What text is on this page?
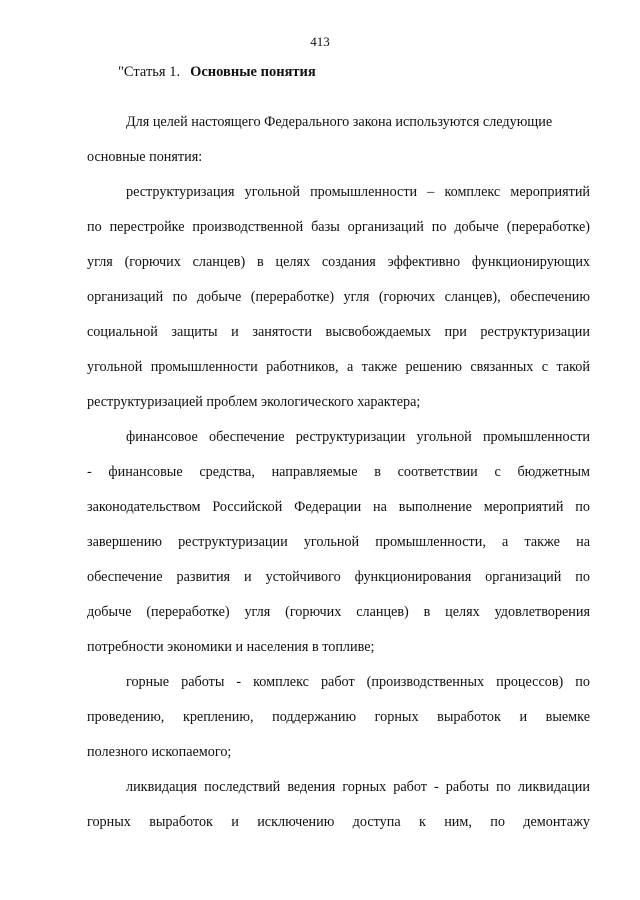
413
"Статья 1. Основные понятия
Для целей настоящего Федерального закона используются следующие
основные понятия:
реструктуризация угольной промышленности – комплекс мероприятий
по перестройке производственной базы организаций по добыче (переработке)
угля (горючих сланцев) в целях создания эффективно функционирующих
организаций по добыче (переработке) угля (горючих сланцев), обеспечению
социальной защиты и занятости высвобождаемых при реструктуризации
угольной промышленности работников, а также решению связанных с такой
реструктуризацией проблем экологического характера;
финансовое обеспечение реструктуризации угольной промышленности
- финансовые средства, направляемые в соответствии с бюджетным
законодательством Российской Федерации на выполнение мероприятий по
завершению реструктуризации угольной промышленности, а также на
обеспечение развития и устойчивого функционирования организаций по
добыче (переработке) угля (горючих сланцев) в целях удовлетворения
потребности экономики и населения в топливе;
горные работы - комплекс работ (производственных процессов) по
проведению, креплению, поддержанию горных выработок и выемке
полезного ископаемого;
ликвидация последствий ведения горных работ - работы по ликвидации
горных выработок и исключению доступа к ним, по демонтажу
